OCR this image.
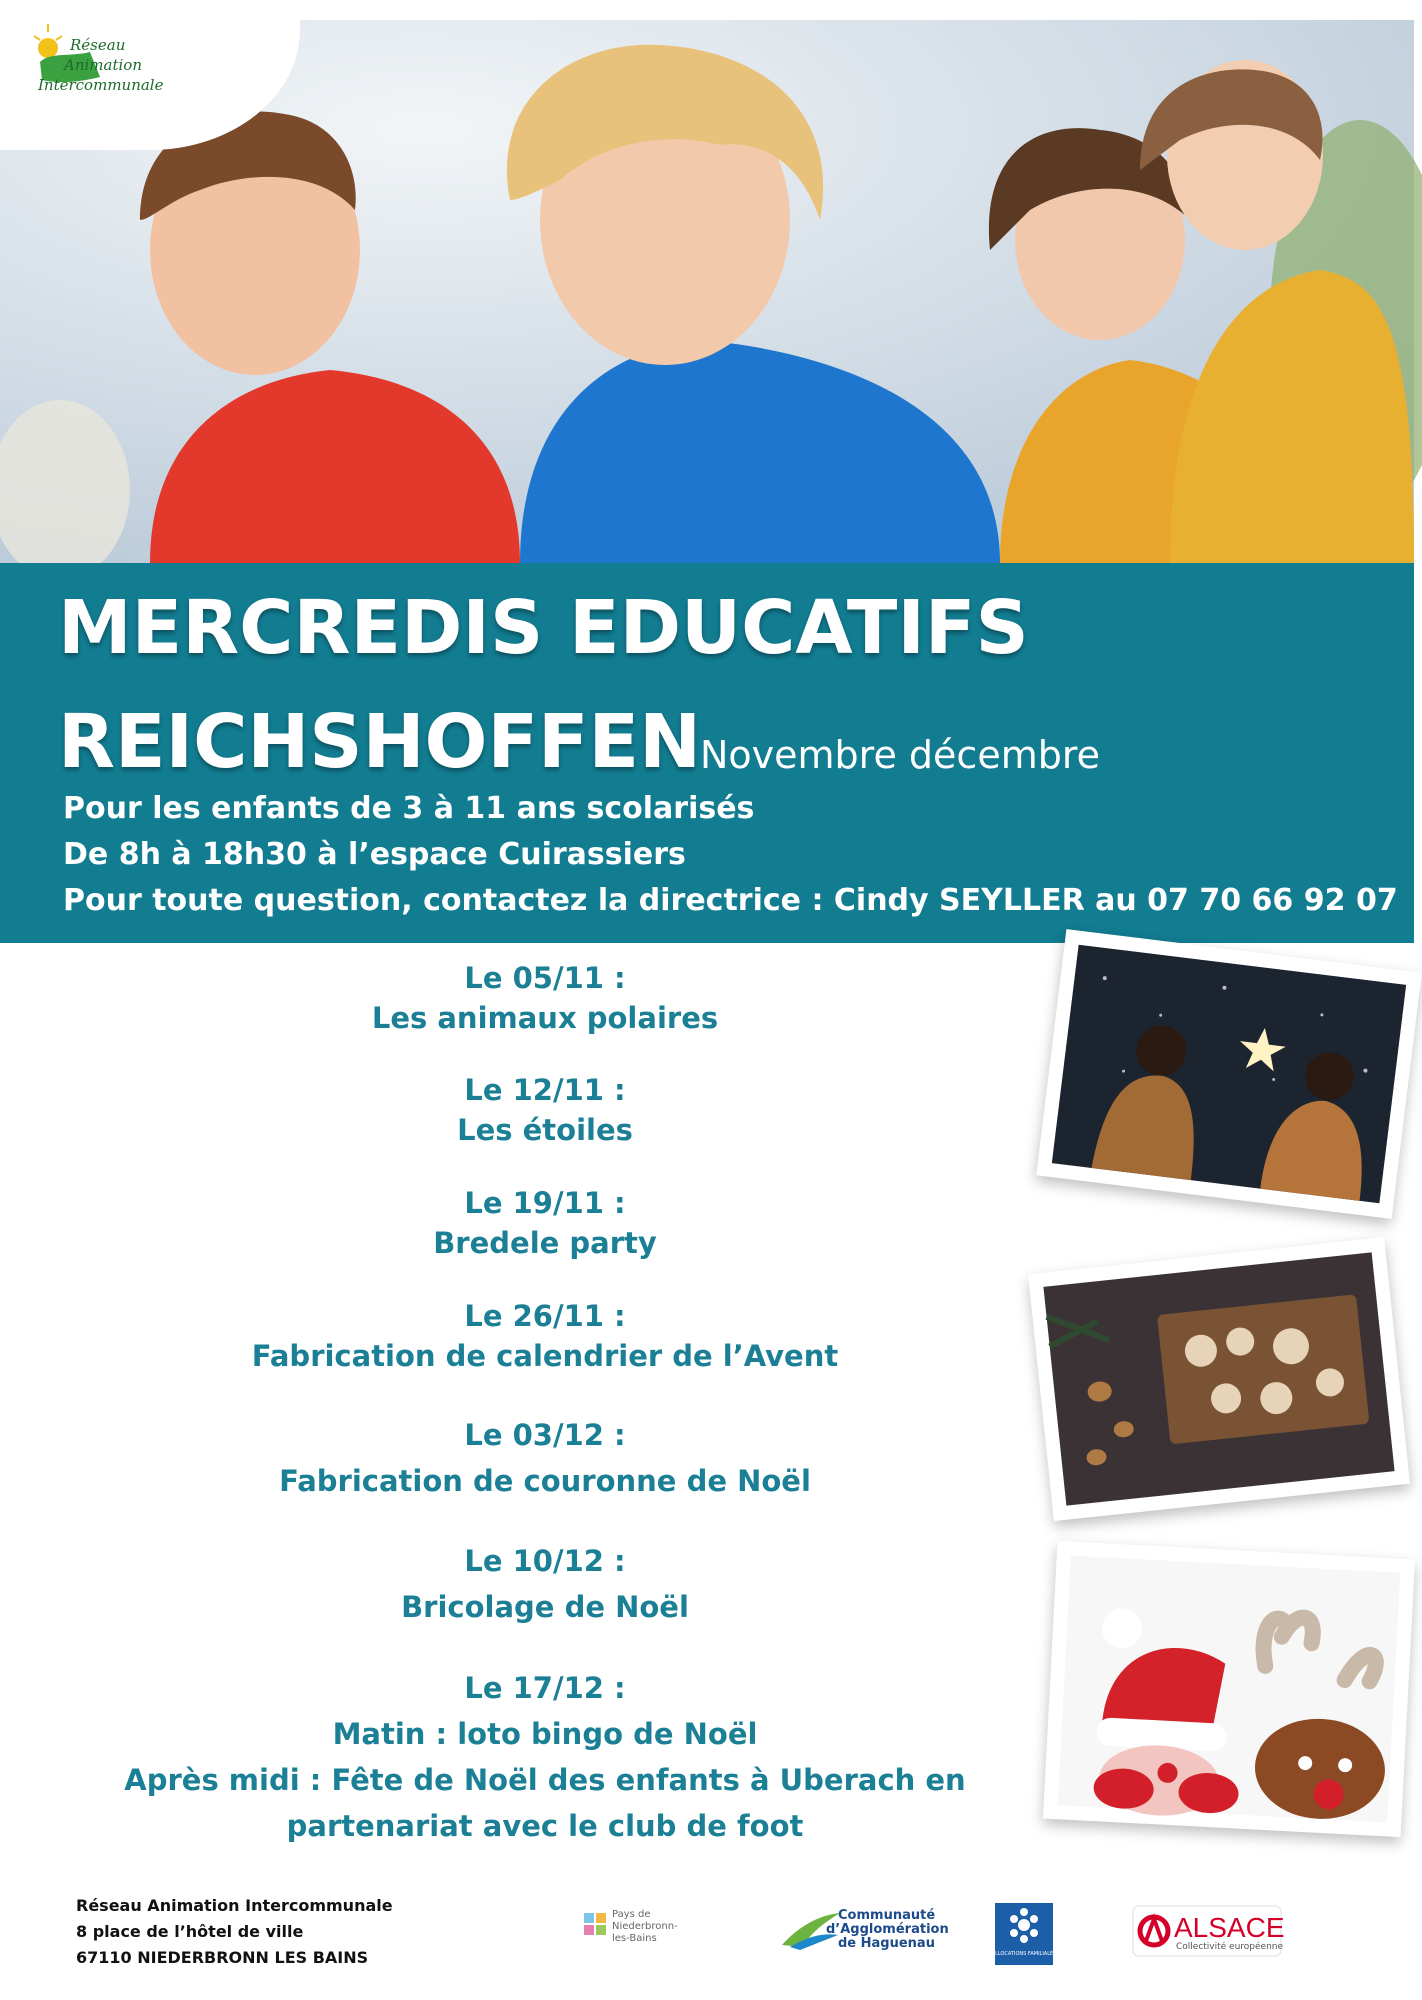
Réseau
Animation
Intercommunale
MERCREDIS EDUCATIFS
REICHSHOFFEN
Novembre décembre
Pour les enfants de 3 à 11 ans scolarisés
De 8h à 18h30 à l’espace Cuirassiers
Pour toute question, contactez la directrice : Cindy SEYLLER au 07 70 66 92 07
Le 05/11 :
Les animaux polaires
Le 12/11 :
Les étoiles
Le 19/11 :
Bredele party
Le 26/11 :
Fabrication de calendrier de l’Avent
Le 03/12 :
Fabrication de couronne de Noël
Le 10/12 :
Bricolage de Noël
Le 17/12 :
Matin : loto bingo de Noël
Après midi : Fête de Noël des enfants à Uberach en
partenariat avec le club de foot
Réseau Animation Intercommunale
8 place de l’hôtel de ville
67110 NIEDERBRONN LES BAINS
Pays de
Niederbronn-
les-Bains
Communauté
d’Agglomération
de Haguenau
ALLOCATIONS FAMILIALES
ALSACE
Collectivité européenne
